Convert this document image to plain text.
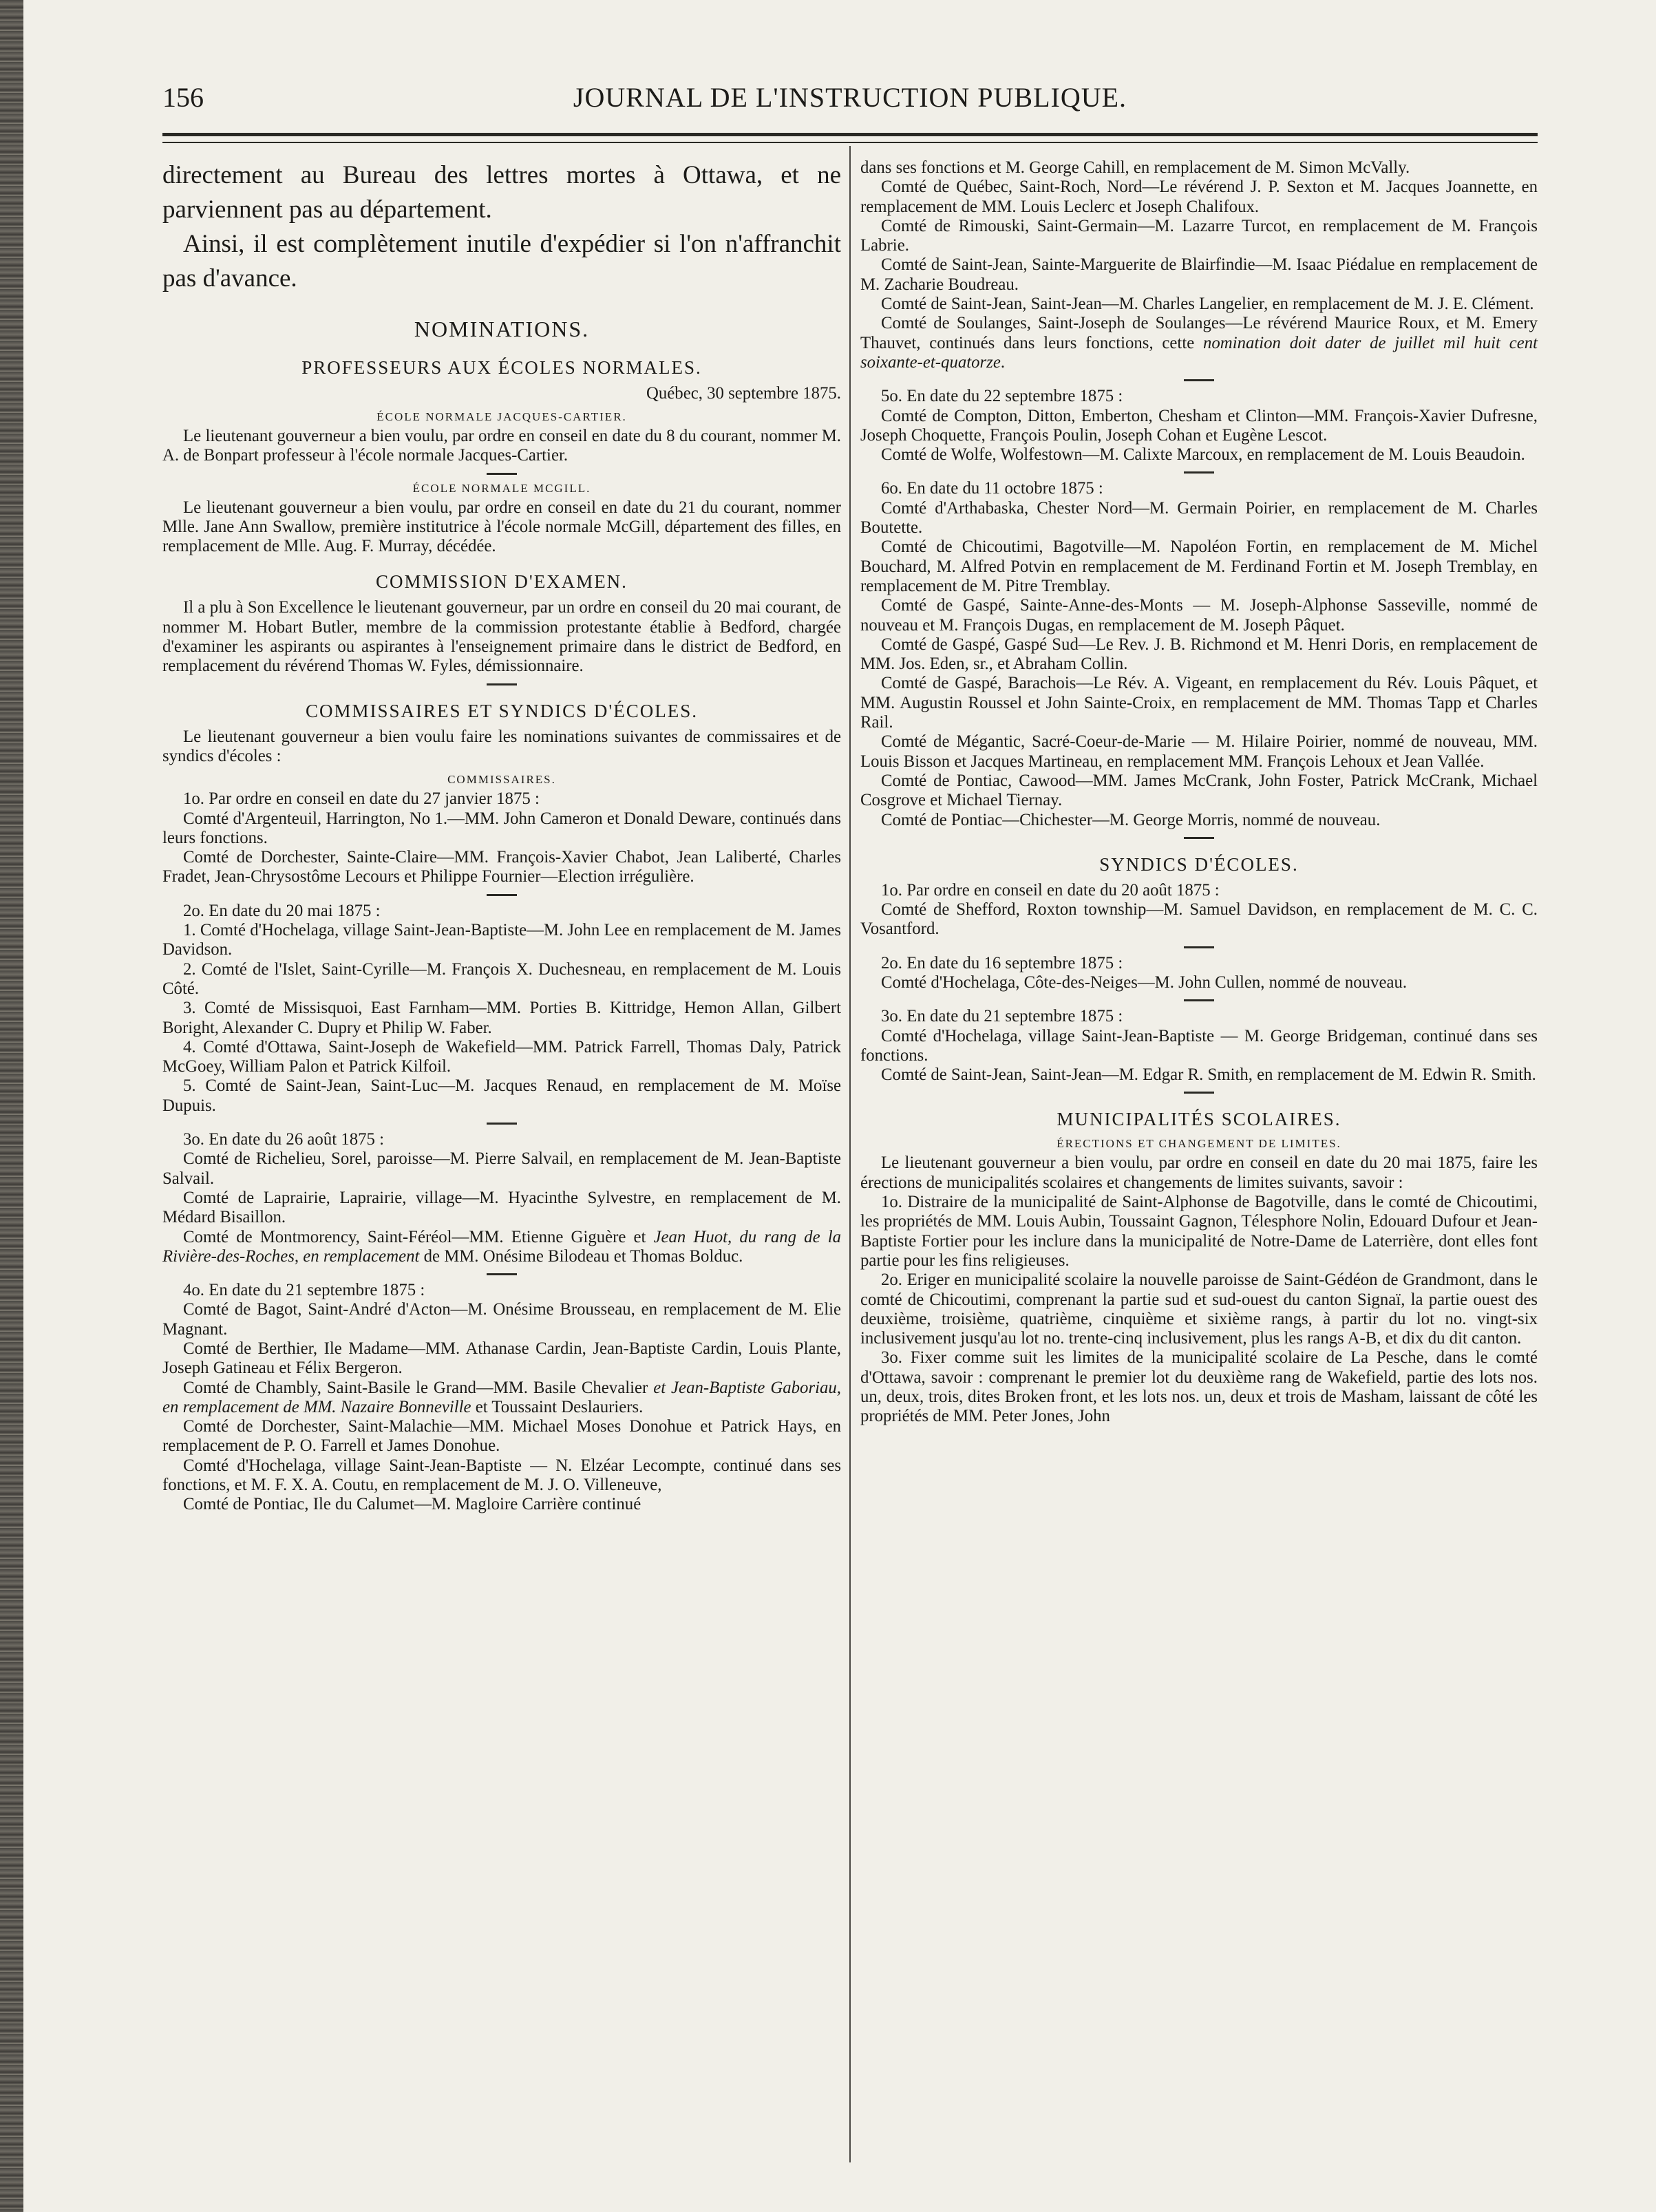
156	JOURNAL DE L'INSTRUCTION PUBLIQUE.

directement au Bureau des lettres mortes à Ottawa, et ne parviennent pas au département.

Ainsi, il est complètement inutile d'expédier si l'on n'affranchit pas d'avance.

NOMINATIONS.
PROFESSEURS AUX ÉCOLES NORMALES.
Québec, 30 septembre 1875.
ÉCOLE NORMALE JACQUES-CARTIER.

Le lieutenant gouverneur a bien voulu, par ordre en conseil en date du 8 du courant, nommer M. A. de Bonpart professeur à l'école normale Jacques-Cartier.

ÉCOLE NORMALE MCGILL.

Le lieutenant gouverneur a bien voulu, par ordre en conseil en date du 21 du courant, nommer Mlle. Jane Ann Swallow, première institutrice à l'école normale McGill, département des filles, en remplacement de Mlle. Aug. F. Murray, décédée.

COMMISSION D'EXAMEN.

Il a plu à Son Excellence le lieutenant gouverneur, par un ordre en conseil du 20 mai courant, de nommer M. Hobart Butler, membre de la commission protestante établie à Bedford, chargée d'examiner les aspirants ou aspirantes à l'enseignement primaire dans le district de Bedford, en remplacement du révérend Thomas W. Fyles, démissionnaire.

COMMISSAIRES ET SYNDICS D'ÉCOLES.

Le lieutenant gouverneur a bien voulu faire les nominations suivantes de commissaires et de syndics d'écoles :

COMMISSAIRES.

1o. Par ordre en conseil en date du 27 janvier 1875 :

Comté d'Argenteuil, Harrington, No 1.—MM. John Cameron et Donald Deware, continués dans leurs fonctions.

Comté de Dorchester, Sainte-Claire—MM. François-Xavier Chabot, Jean Laliberté, Charles Fradet, Jean-Chrysostôme Lecours et Philippe Fournier—Election irrégulière.

2o. En date du 20 mai 1875 :

1. Comté d'Hochelaga, village Saint-Jean-Baptiste—M. John Lee en remplacement de M. James Davidson.

2. Comté de l'Islet, Saint-Cyrille—M. François X. Duchesneau, en remplacement de M. Louis Côté.

3. Comté de Missisquoi, East Farnham—MM. Porties B. Kittridge, Hemon Allan, Gilbert Boright, Alexander C. Dupry et Philip W. Faber.

4. Comté d'Ottawa, Saint-Joseph de Wakefield—MM. Patrick Farrell, Thomas Daly, Patrick McGoey, William Palon et Patrick Kilfoil.

5. Comté de Saint-Jean, Saint-Luc—M. Jacques Renaud, en remplacement de M. Moïse Dupuis.

3o. En date du 26 août 1875 :

Comté de Richelieu, Sorel, paroisse—M. Pierre Salvail, en remplacement de M. Jean-Baptiste Salvail.

Comté de Laprairie, Laprairie, village—M. Hyacinthe Sylvestre, en remplacement de M. Médard Bisaillon.

Comté de Montmorency, Saint-Féréol—MM. Etienne Giguère et Jean Huot, du rang de la Rivière-des-Roches, en remplacement de MM. Onésime Bilodeau et Thomas Bolduc.

4o. En date du 21 septembre 1875 :

Comté de Bagot, Saint-André d'Acton—M. Onésime Brousseau, en remplacement de M. Elie Magnant.

Comté de Berthier, Ile Madame—MM. Athanase Cardin, Jean-Baptiste Cardin, Louis Plante, Joseph Gatineau et Félix Bergeron.

Comté de Chambly, Saint-Basile le Grand—MM. Basile Chevalier et Jean-Baptiste Gaboriau, en remplacement de MM. Nazaire Bonneville et Toussaint Deslauriers.

Comté de Dorchester, Saint-Malachie—MM. Michael Moses Donohue et Patrick Hays, en remplacement de P. O. Farrell et James Donohue.

Comté d'Hochelaga, village Saint-Jean-Baptiste — N. Elzéar Lecompte, continué dans ses fonctions, et M. F. X. A. Coutu, en remplacement de M. J. O. Villeneuve,

Comté de Pontiac, Ile du Calumet—M. Magloire Carrière continué

dans ses fonctions et M. George Cahill, en remplacement de M. Simon McVally.

Comté de Québec, Saint-Roch, Nord—Le révérend J. P. Sexton et M. Jacques Joannette, en remplacement de MM. Louis Leclerc et Joseph Chalifoux.

Comté de Rimouski, Saint-Germain—M. Lazarre Turcot, en remplacement de M. François Labrie.

Comté de Saint-Jean, Sainte-Marguerite de Blairfindie—M. Isaac Piédalue en remplacement de M. Zacharie Boudreau.

Comté de Saint-Jean, Saint-Jean—M. Charles Langelier, en remplacement de M. J. E. Clément.

Comté de Soulanges, Saint-Joseph de Soulanges—Le révérend Maurice Roux, et M. Emery Thauvet, continués dans leurs fonctions, cette nomination doit dater de juillet mil huit cent soixante-et-quatorze.

5o. En date du 22 septembre 1875 :

Comté de Compton, Ditton, Emberton, Chesham et Clinton—MM. François-Xavier Dufresne, Joseph Choquette, François Poulin, Joseph Cohan et Eugène Lescot.

Comté de Wolfe, Wolfestown—M. Calixte Marcoux, en remplacement de M. Louis Beaudoin.

6o. En date du 11 octobre 1875 :

Comté d'Arthabaska, Chester Nord—M. Germain Poirier, en remplacement de M. Charles Boutette.

Comté de Chicoutimi, Bagotville—M. Napoléon Fortin, en remplacement de M. Michel Bouchard, M. Alfred Potvin en remplacement de M. Ferdinand Fortin et M. Joseph Tremblay, en remplacement de M. Pitre Tremblay.

Comté de Gaspé, Sainte-Anne-des-Monts — M. Joseph-Alphonse Sasseville, nommé de nouveau et M. François Dugas, en remplacement de M. Joseph Pâquet.

Comté de Gaspé, Gaspé Sud—Le Rev. J. B. Richmond et M. Henri Doris, en remplacement de MM. Jos. Eden, sr., et Abraham Collin.

Comté de Gaspé, Barachois—Le Rév. A. Vigeant, en remplacement du Rév. Louis Pâquet, et MM. Augustin Roussel et John Sainte-Croix, en remplacement de MM. Thomas Tapp et Charles Rail.

Comté de Mégantic, Sacré-Coeur-de-Marie — M. Hilaire Poirier, nommé de nouveau, MM. Louis Bisson et Jacques Martineau, en remplacement MM. François Lehoux et Jean Vallée.

Comté de Pontiac, Cawood—MM. James McCrank, John Foster, Patrick McCrank, Michael Cosgrove et Michael Tiernay.

Comté de Pontiac—Chichester—M. George Morris, nommé de nouveau.

SYNDICS D'ÉCOLES.

1o. Par ordre en conseil en date du 20 août 1875 :

Comté de Shefford, Roxton township—M. Samuel Davidson, en remplacement de M. C. C. Vosantford.

2o. En date du 16 septembre 1875 :

Comté d'Hochelaga, Côte-des-Neiges—M. John Cullen, nommé de nouveau.

3o. En date du 21 septembre 1875 :

Comté d'Hochelaga, village Saint-Jean-Baptiste — M. George Bridgeman, continué dans ses fonctions.

Comté de Saint-Jean, Saint-Jean—M. Edgar R. Smith, en remplacement de M. Edwin R. Smith.

MUNICIPALITÉS SCOLAIRES.
ÉRECTIONS ET CHANGEMENT DE LIMITES.

Le lieutenant gouverneur a bien voulu, par ordre en conseil en date du 20 mai 1875, faire les érections de municipalités scolaires et changements de limites suivants, savoir :

1o. Distraire de la municipalité de Saint-Alphonse de Bagotville, dans le comté de Chicoutimi, les propriétés de MM. Louis Aubin, Toussaint Gagnon, Télesphore Nolin, Edouard Dufour et Jean-Baptiste Fortier pour les inclure dans la municipalité de Notre-Dame de Laterrière, dont elles font partie pour les fins religieuses.

2o. Eriger en municipalité scolaire la nouvelle paroisse de Saint-Gédéon de Grandmont, dans le comté de Chicoutimi, comprenant la partie sud et sud-ouest du canton Signaï, la partie ouest des deuxième, troisième, quatrième, cinquième et sixième rangs, à partir du lot no. vingt-six inclusivement jusqu'au lot no. trente-cinq inclusivement, plus les rangs A-B, et dix du dit canton.

3o. Fixer comme suit les limites de la municipalité scolaire de La Pesche, dans le comté d'Ottawa, savoir : comprenant le premier lot du deuxième rang de Wakefield, partie des lots nos. un, deux, trois, dites Broken front, et les lots nos. un, deux et trois de Masham, laissant de côté les propriétés de MM. Peter Jones, John
